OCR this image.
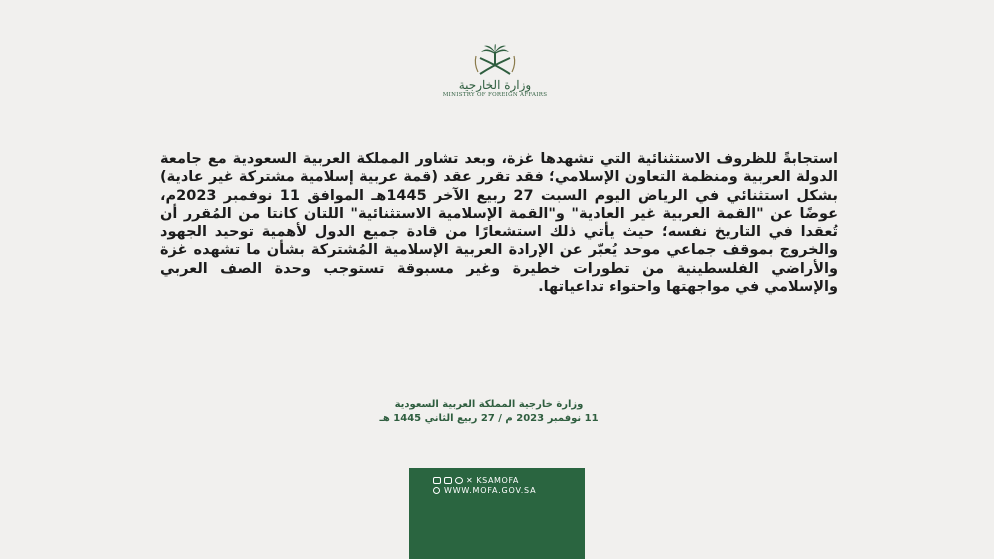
وزارة الخارجية
MINISTRY OF FOREIGN AFFAIRS

استجابةً للظروف الاستثنائية التي تشهدها غزة، وبعد تشاور المملكة العربية السعودية مع جامعة الدولة العربية ومنظمة التعاون الإسلامي؛ فقد تقرر عقد (قمة عربية إسلامية مشتركة غير عادية) بشكل استثنائي في الرياض اليوم السبت 27 ربيع الآخر 1445هـ الموافق 11 نوفمبر 2023م، عوضًا عن "القمة العربية غير العادية" و"القمة الإسلامية الاستثنائية" اللتان كانتا من المُقرر أن تُعقدا في التاريخ نفسه؛ حيث يأتي ذلك استشعارًا من قادة جميع الدول لأهمية توحيد الجهود والخروج بموقف جماعي موحد يُعبّر عن الإرادة العربية الإسلامية المُشتركة بشأن ما تشهده غزة والأراضي الفلسطينية من تطورات خطيرة وغير مسبوقة تستوجب وحدة الصف العربي والإسلامي في مواجهتها واحتواء تداعياتها.

وزارة خارجية المملكة العربية السعودية
11 نوفمبر 2023 م / 27 ربيع الثاني 1445 هـ
✕ KSAMOFA
WWW.MOFA.GOV.SA
